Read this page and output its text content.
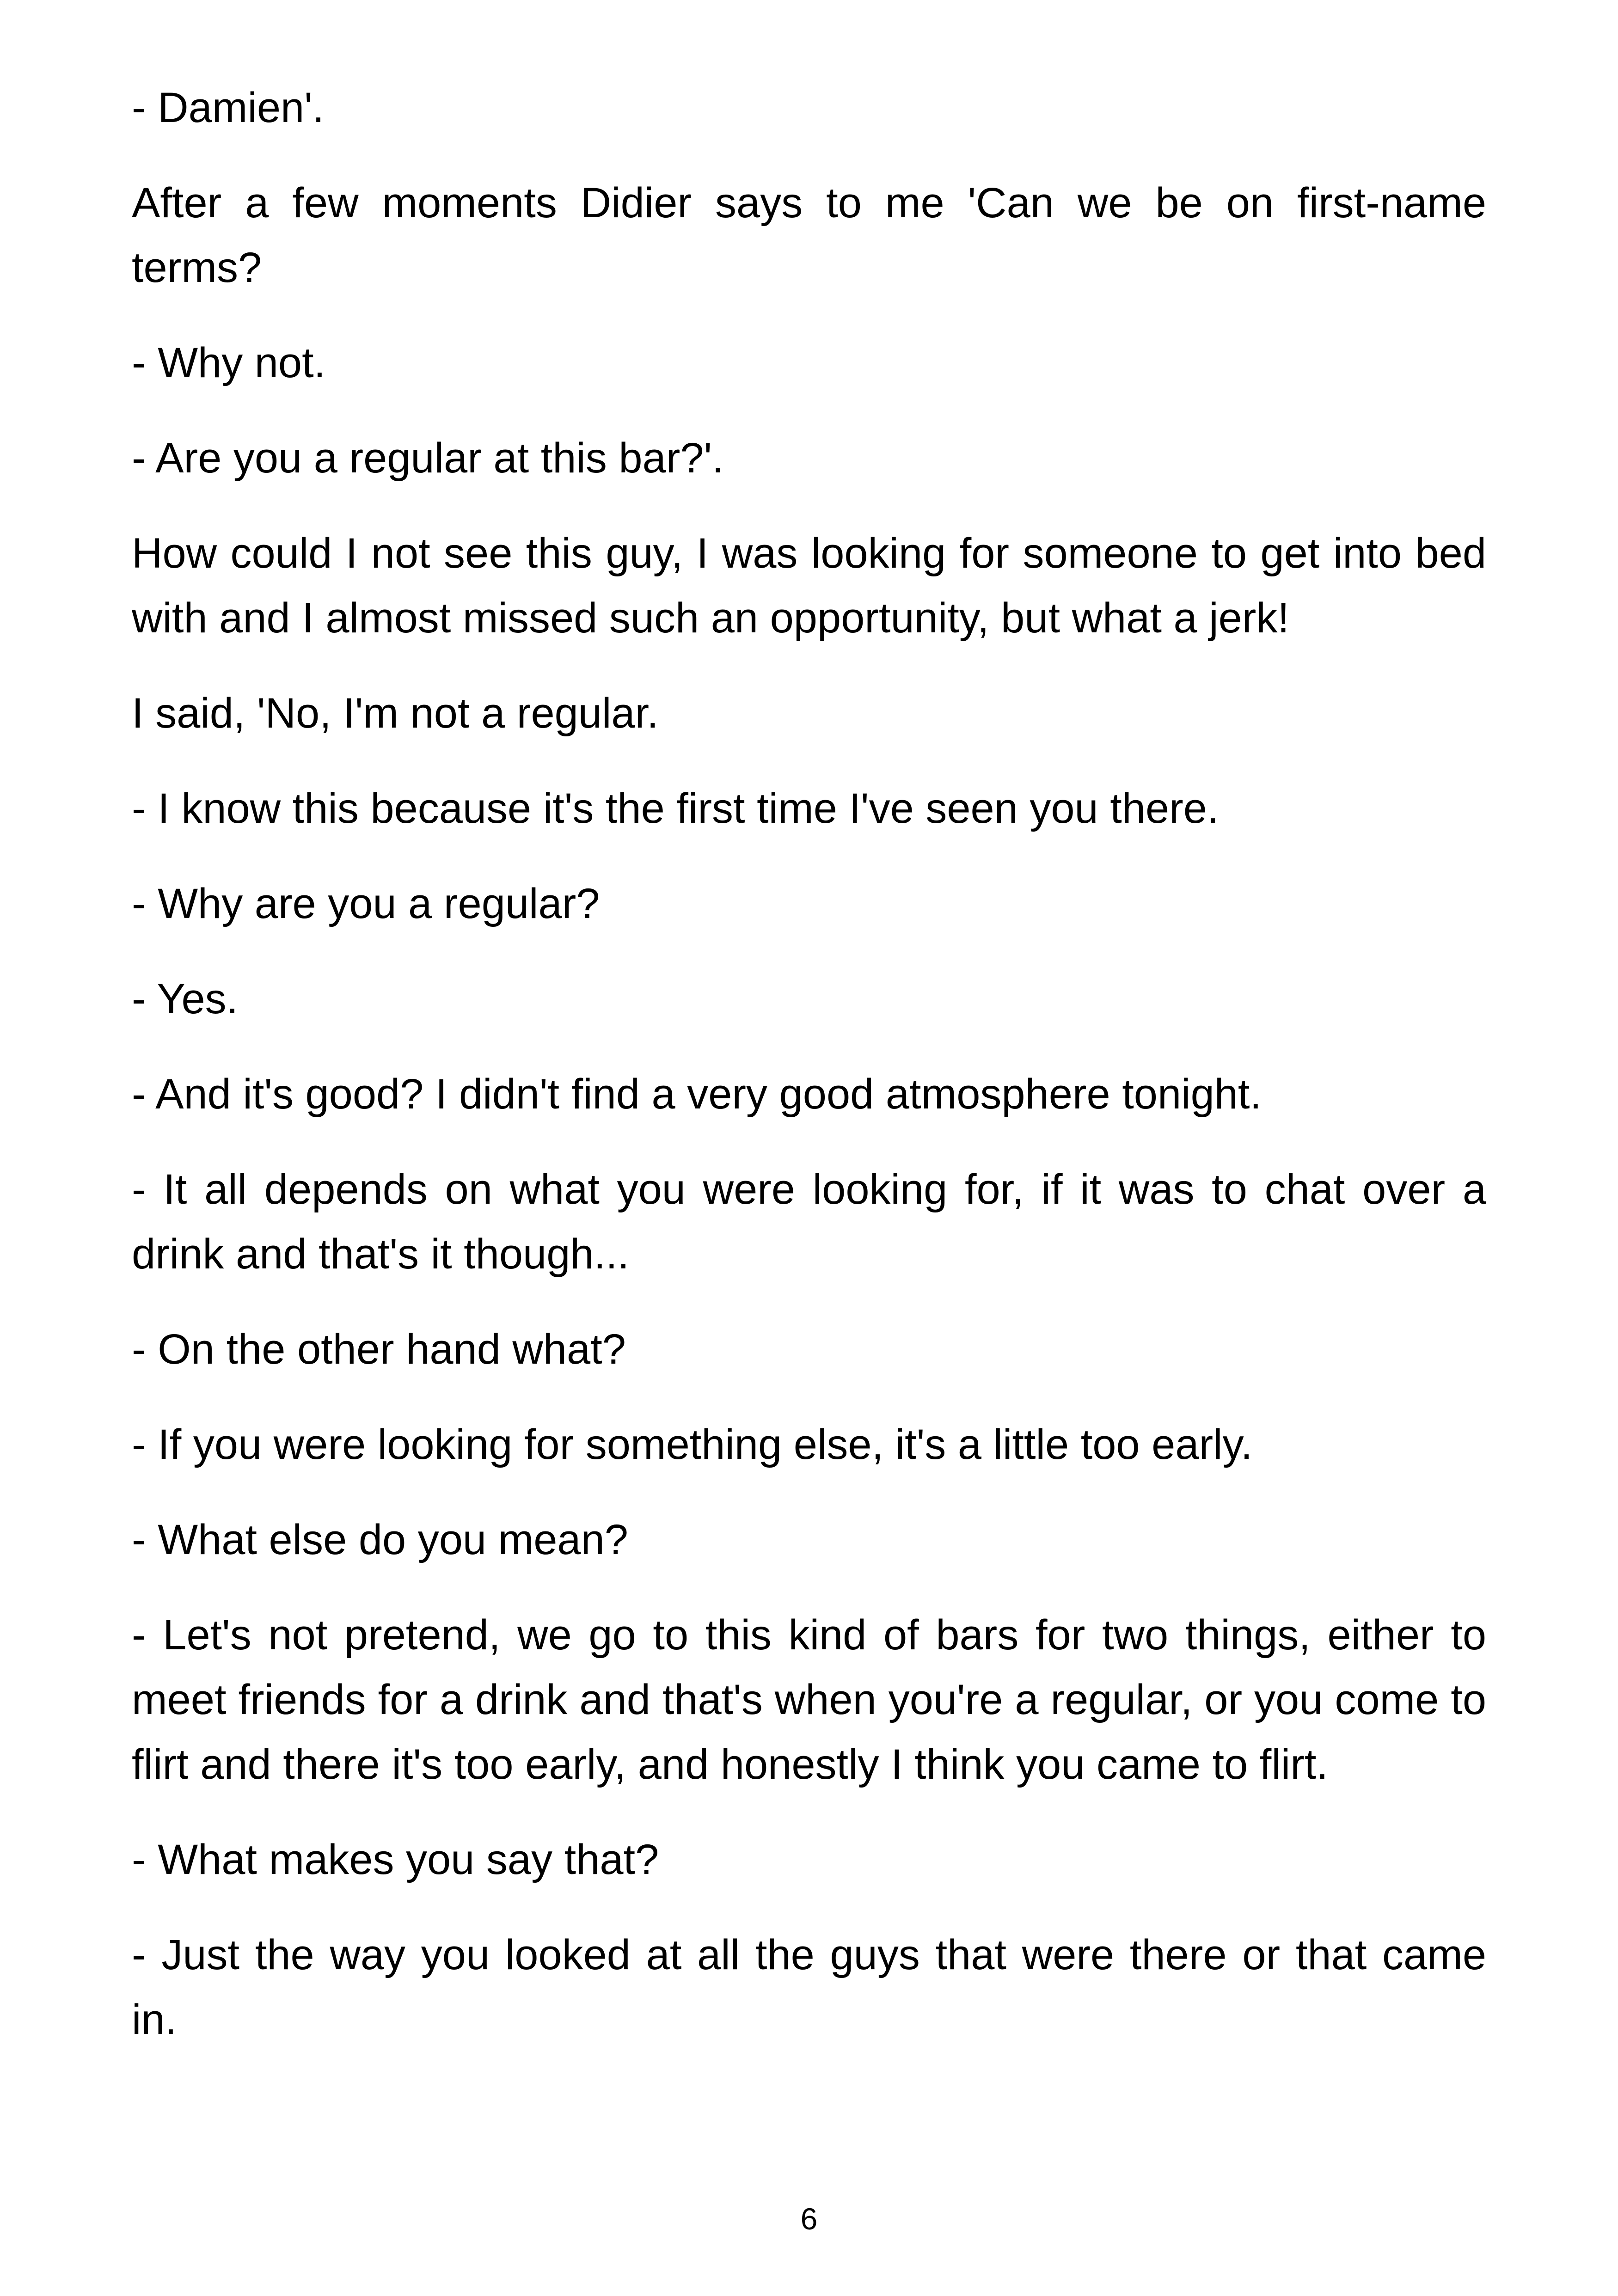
- Damien'.

After a few moments Didier says to me 'Can we be on first-name terms?

- Why not.

- Are you a regular at this bar?'.

How could I not see this guy, I was looking for someone to get into bed with and I almost missed such an opportunity, but what a jerk!

I said, 'No, I'm not a regular.

- I know this because it's the first time I've seen you there.

- Why are you a regular?

- Yes.

- And it's good? I didn't find a very good atmosphere tonight.

- It all depends on what you were looking for, if it was to chat over a drink and that's it though...

- On the other hand what?

- If you were looking for something else, it's a little too early.

- What else do you mean?

- Let's not pretend, we go to this kind of bars for two things, either to meet friends for a drink and that's when you're a regular, or you come to flirt and there it's too early, and honestly I think you came to flirt.

- What makes you say that?

- Just the way you looked at all the guys that were there or that came in.

6
